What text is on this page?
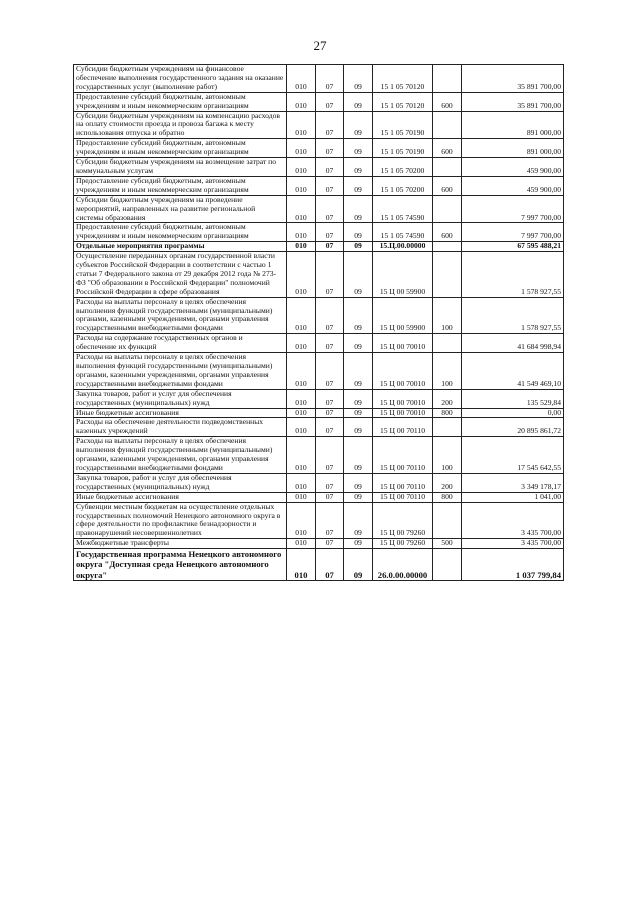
27
Субсидии бюджетным учреждениям на финансовое обеспечение выполнения государственного задания на оказание государственных услуг (выполнение работ)	010	07	09	15 1 05 70120		35 891 700,00
Предоставление субсидий бюджетным, автономным учреждениям и иным некоммерческим организациям	010	07	09	15 1 05 70120	600	35 891 700,00
Субсидии бюджетным учреждениям на компенсацию расходов на оплату стоимости проезда и провоза багажа к месту использования отпуска и обратно	010	07	09	15 1 05 70190		891 000,00
Предоставление субсидий бюджетным, автономным учреждениям и иным некоммерческим организациям	010	07	09	15 1 05 70190	600	891 000,00
Субсидии бюджетным учреждениям на возмещение затрат по коммунальным услугам	010	07	09	15 1 05 70200		459 900,00
Предоставление субсидий бюджетным, автономным учреждениям и иным некоммерческим организациям	010	07	09	15 1 05 70200	600	459 900,00
Субсидии бюджетным учреждениям на проведение мероприятий, направленных на развитие региональной системы образования	010	07	09	15 1 05 74590		7 997 700,00
Предоставление субсидий бюджетным, автономным учреждениям и иным некоммерческим организациям	010	07	09	15 1 05 74590	600	7 997 700,00
Отдельные мероприятия программы	010	07	09	15.Ц.00.00000		67 595 488,21
Осуществление переданных органам государственной власти субъектов Российской Федерации в соответствии с частью 1 статьи 7 Федерального закона от 29 декабря 2012 года № 273-ФЗ "Об образовании в Российской Федерации" полномочий Российской Федерации в сфере образования	010	07	09	15 Ц 00 59900		1 578 927,55
Расходы на выплаты персоналу в целях обеспечения выполнения функций государственными (муниципальными) органами, казенными учреждениями, органами управления государственными внебюджетными фондами	010	07	09	15 Ц 00 59900	100	1 578 927,55
Расходы на содержание государственных органов и обеспечение их функций	010	07	09	15 Ц 00 70010		41 684 998,94
Расходы на выплаты персоналу в целях обеспечения выполнения функций государственными (муниципальными) органами, казенными учреждениями, органами управления государственными внебюджетными фондами	010	07	09	15 Ц 00 70010	100	41 549 469,10
Закупка товаров, работ и услуг для обеспечения государственных (муниципальных) нужд	010	07	09	15 Ц 00 70010	200	135 529,84
Иные бюджетные ассигнования	010	07	09	15 Ц 00 70010	800	0,00
Расходы на обеспечение деятельности подведомственных казенных учреждений	010	07	09	15 Ц 00 70110		20 895 861,72
Расходы на выплаты персоналу в целях обеспечения выполнения функций государственными (муниципальными) органами, казенными учреждениями, органами управления государственными внебюджетными фондами	010	07	09	15 Ц 00 70110	100	17 545 642,55
Закупка товаров, работ и услуг для обеспечения государственных (муниципальных) нужд	010	07	09	15 Ц 00 70110	200	3 349 178,17
Иные бюджетные ассигнования	010	07	09	15 Ц 00 70110	800	1 041,00
Субвенции местным бюджетам на осуществление отдельных государственных полномочий Ненецкого автономного округа в сфере деятельности по профилактике безнадзорности и правонарушений несовершеннолетних	010	07	09	15 Ц 00 79260		3 435 700,00
Межбюджетные трансферты	010	07	09	15 Ц 00 79260	500	3 435 700,00
Государственная программа Ненецкого автономного округа "Доступная среда Ненецкого автономного округа"	010	07	09	26.0.00.00000		1 037 799,84
